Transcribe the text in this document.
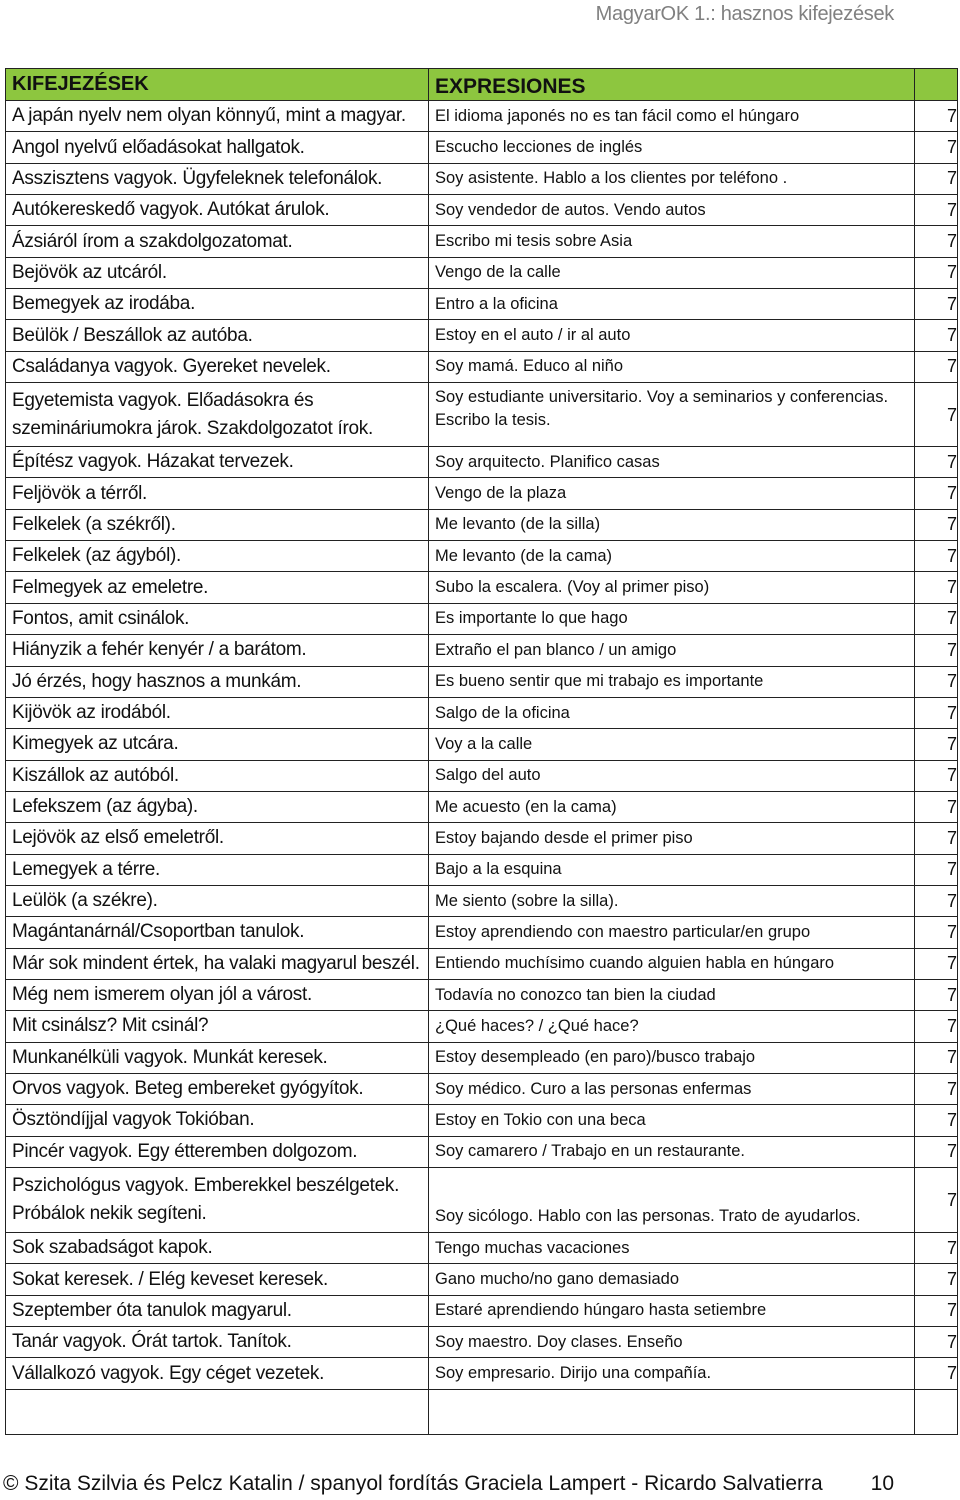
MagyarOK 1.: hasznos kifejezések
KIFEJEZÉSEK	EXPRESIONES	
A japán nyelv nem olyan könnyű, mint a magyar.	El idioma japonés no es tan fácil como el húngaro	7
Angol nyelvű előadásokat hallgatok.	Escucho lecciones de inglés	7
Asszisztens vagyok. Ügyfeleknek telefonálok.	Soy asistente. Hablo a los clientes por teléfono .	7
Autókereskedő vagyok. Autókat árulok.	Soy vendedor de autos. Vendo autos	7
Ázsiáról írom a szakdolgozatomat.	Escribo mi tesis sobre Asia	7
Bejövök az utcáról.	Vengo de la calle	7
Bemegyek az irodába.	Entro a la oficina	7
Beülök / Beszállok az autóba.	Estoy en el auto / ir al auto	7
Családanya vagyok. Gyereket nevelek.	Soy mamá. Educo al niño	7
Egyetemista vagyok. Előadásokra és szemináriumokra járok. Szakdolgozatot írok.	Soy estudiante universitario. Voy a seminarios y conferencias. Escribo la tesis.	7
Építész vagyok. Házakat tervezek.	Soy arquitecto. Planifico casas	7
Feljövök a térről.	Vengo de la plaza	7
Felkelek (a székről).	Me levanto (de la silla)	7
Felkelek (az ágyból).	Me levanto (de la cama)	7
Felmegyek az emeletre.	Subo la escalera. (Voy al primer piso)	7
Fontos, amit csinálok.	Es importante lo que hago	7
Hiányzik a fehér kenyér / a barátom.	Extraño el pan blanco / un amigo	7
Jó érzés, hogy hasznos a munkám.	Es bueno sentir que mi trabajo es importante	7
Kijövök az irodából.	Salgo de la oficina	7
Kimegyek az utcára.	Voy a la calle	7
Kiszállok az autóból.	Salgo del auto	7
Lefekszem (az ágyba).	Me acuesto (en la cama)	7
Lejövök az első emeletről.	Estoy bajando desde el primer piso	7
Lemegyek a térre.	Bajo a la esquina	7
Leülök (a székre).	Me siento (sobre la silla).	7
Magántanárnál/Csoportban tanulok.	Estoy aprendiendo con maestro particular/en grupo	7
Már sok mindent értek, ha valaki magyarul beszél.	Entiendo muchísimo cuando alguien habla en húngaro	7
Még nem ismerem olyan jól a várost.	Todavía no conozco tan bien la ciudad	7
Mit csinálsz? Mit csinál?	¿Qué haces? / ¿Qué hace?	7
Munkanélküli vagyok. Munkát keresek.	Estoy desempleado (en paro)/busco trabajo	7
Orvos vagyok. Beteg embereket gyógyítok.	Soy médico. Curo a las personas enfermas	7
Ösztöndíjjal vagyok Tokióban.	Estoy en Tokio con una beca	7
Pincér vagyok. Egy étteremben dolgozom.	Soy camarero / Trabajo en un restaurante.	7
Pszichológus vagyok. Emberekkel beszélgetek. Próbálok nekik segíteni.	Soy sicólogo. Hablo con las personas. Trato de ayudarlos.	7
Sok szabadságot kapok.	Tengo muchas vacaciones	7
Sokat keresek. / Elég keveset keresek.	Gano mucho/no gano demasiado	7
Szeptember óta tanulok magyarul.	Estaré aprendiendo húngaro hasta setiembre	7
Tanár vagyok. Órát tartok. Tanítok.	Soy maestro. Doy clases. Enseño	7
Vállalkozó vagyok. Egy céget vezetek.	Soy empresario. Dirijo una compañía.	7

© Szita Szilvia és Pelcz Katalin / spanyol fordítás Graciela Lampert - Ricardo Salvatierra 10
